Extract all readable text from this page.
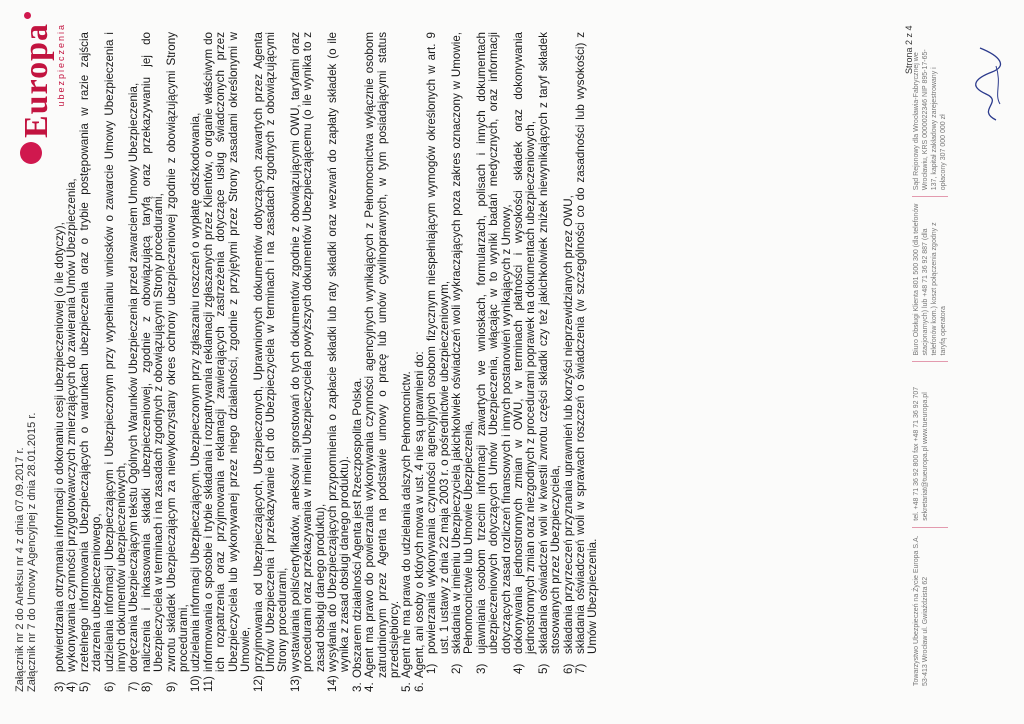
Załącznik nr 2 do Aneksu nr 4 z dnia 07.09.2017 r. Załącznik nr 7 do Umowy Agencyjnej z dnia 28.01.2015 r.
Europa ubezpieczenia
3)
potwierdzania otrzymania informacji o dokonaniu cesji ubezpieczeniowej (o ile dotyczy),
4)
wykonywania czynności przygotowawczych zmierzających do zawierania Umów Ubezpieczenia,
5)
rzetelnego informowania Ubezpieczających o warunkach ubezpieczenia oraz o trybie postępowania w razie zajścia zdarzenia ubezpieczeniowego,
6)
udzielania informacji Ubezpieczającym i Ubezpieczonym przy wypełnianiu wniosków o zawarcie Umowy Ubezpieczenia i innych dokumentów ubezpieczeniowych,
7)
doręczania Ubezpieczającym tekstu Ogólnych Warunków Ubezpieczenia przed zawarciem Umowy Ubezpieczenia,
8)
naliczenia i inkasowania składki ubezpieczeniowej, zgodnie z obowiązującą taryfą oraz przekazywaniu jej do Ubezpieczyciela w terminach i na zasadach zgodnych z obowiązującymi Strony procedurami,
9)
zwrotu składek Ubezpieczającym za niewykorzystany okres ochrony ubezpieczeniowej zgodnie z obowiązującymi Strony procedurami,
10)
udzielania informacji Ubezpieczającym, Ubezpieczonym przy zgłaszaniu roszczeń o wypłatę odszkodowania,
11)
informowania o sposobie i trybie składania i rozpatrywania reklamacji zgłaszanych przez Klientów, o organie właściwym do ich rozpatrzenia oraz przyjmowania reklamacji zawierających zastrzeżenia dotyczące usług świadczonych przez Ubezpieczyciela lub wykonywanej przez niego działalności, zgodnie z przyjętymi przez Strony zasadami określonymi w Umowie,
12)
przyjmowania od Ubezpieczających, Ubezpieczonych, Uprawnionych dokumentów dotyczących zawartych przez Agenta Umów Ubezpieczenia i przekazywanie ich do Ubezpieczyciela w terminach i na zasadach zgodnych z obowiązującymi Strony procedurami,
13)
wystawiania polis/certyfikatów, aneksów i sprostowań do tych dokumentów zgodnie z obowiązującymi OWU, taryfami oraz procedurami oraz przekazywania w imieniu Ubezpieczyciela powyższych dokumentów Ubezpieczającemu (o ile wynika to z zasad obsługi danego produktu),
14)
wysyłania do Ubezpieczających przypomnienia o zapłacie składki lub raty składki oraz wezwań do zapłaty składek (o ile wynika z zasad obsługi danego produktu).
3.
Obszarem działalności Agenta jest Rzeczpospolita Polska.
4.
Agent ma prawo do powierzania wykonywania czynności agencyjnych wynikających z Pełnomocnictwa wyłącznie osobom zatrudnionym przez Agenta na podstawie umowy o pracę lub umów cywilnoprawnych, w tym posiadającymi status przedsiębiorcy.
5.
Agent nie ma prawa do udzielania dalszych Pełnomocnictw.
6.
Agent, ani osoby o których mowa w ust. 4 nie są uprawnieni do: 1)
powierzania wykonywania czynności agencyjnych osobom fizycznym niespełniającym wymogów określonych w art. 9 ust. 1 ustawy z dnia 22 maja 2003 r. o pośrednictwie ubezpieczeniowym,
2)
składania w imieniu Ubezpieczyciela jakichkolwiek oświadczeń woli wykraczających poza zakres oznaczony w Umowie, Pełnomocnictwie lub Umowie Ubezpieczenia,
3)
ujawniania osobom trzecim informacji zawartych we wnioskach, formularzach, polisach i innych dokumentach ubezpieczeniowych dotyczących Umów Ubezpieczenia, włącając w to wyniki badań medycznych, oraz informacji dotyczących zasad rozliczeń finansowych i innych postanowień wynikających z Umowy,
4)
dokonywania jednostronnych zmian w OWU, w terminach płatności i wysokości składek oraz dokonywania jednostronnych zmian oraz niezgodnych z procedurami poprawek na dokumentach ubezpieczeniowych,
5)
składania oświadczeń woli w kwestii zwrotu części składki czy też jakichkolwiek zniżek niewynikających z taryf składek stosowanych przez Ubezpieczyciela,
6)
składania przyrzeczeń przyznania uprawnień lub korzyści nieprzewidzianych przez OWU,
7)
składania oświadczeń woli w sprawach roszczeń o świadczenia (w szczególności co do zasadności lub wysokości) z Umów Ubezpieczenia.
Strona 2 z 4
Towarzystwo Ubezpieczeń na Życie Europa S.A. 53-413 Wrocław ul. Gwiaździsta 62
tel. +48 71 36 92 800 fax +48 71 36 92 707 sekretariat@tueuropa.pl www.tueuropa.pl
Biuro Obsługi Klienta 801 500 300 (dla telefonów stacjonarnych) lub +48 71 36 92 887 (dla telefonów kom.) koszt połączenia zgodny z taryfą operatora
Sąd Rejonowy dla Wrocławia-Fabrycznej we Wrocławiu, KRS 0000022346 NIP 895-17-65-137, kapitał zakładowy zarejestrowany i opłacony 307 000 000 zł
